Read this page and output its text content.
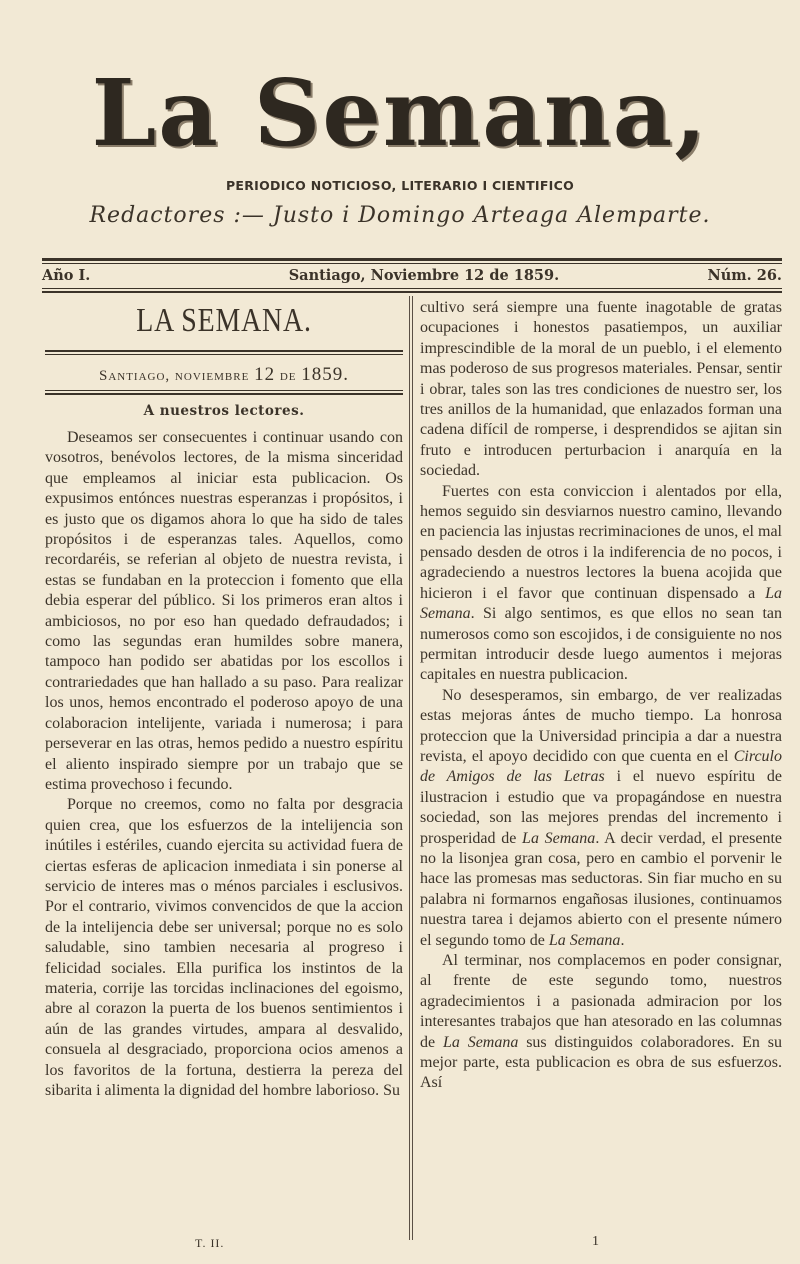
La Semana,
PERIODICO NOTICIOSO, LITERARIO I CIENTIFICO
Redactores :— Justo i Domingo Arteaga Alemparte.
Año I.	Santiago, Noviembre 12 de 1859.	Núm. 26.
LA SEMANA.
Santiago, noviembre 12 de 1859.
A nuestros lectores.

Deseamos ser consecuentes i continuar usando con vosotros, benévolos lectores, de la misma sinceridad que empleamos al iniciar esta publicacion. Os expusimos entónces nuestras esperanzas i propósitos, i es justo que os digamos ahora lo que ha sido de tales propósitos i de esperanzas tales. Aquellos, como recordaréis, se referian al objeto de nuestra revista, i estas se fundaban en la proteccion i fomento que ella debia esperar del público. Si los primeros eran altos i ambiciosos, no por eso han quedado defraudados; i como las segundas eran humildes sobre manera, tampoco han podido ser abatidas por los escollos i contrariedades que han hallado a su paso. Para realizar los unos, hemos encontrado el poderoso apoyo de una colaboracion intelijente, variada i numerosa; i para perseverar en las otras, hemos pedido a nuestro espíritu el aliento inspirado siempre por un trabajo que se estima provechoso i fecundo.

Porque no creemos, como no falta por desgracia quien crea, que los esfuerzos de la intelijencia son inútiles i estériles, cuando ejercita su actividad fuera de ciertas esferas de aplicacion inmediata i sin ponerse al servicio de interes mas o ménos parciales i esclusivos. Por el contrario, vivimos convencidos de que la accion de la intelijencia debe ser universal; porque no es solo saludable, sino tambien necesaria al progreso i felicidad sociales. Ella purifica los instintos de la materia, corrije las torcidas inclinaciones del egoismo, abre al corazon la puerta de los buenos sentimientos i aún de las grandes virtudes, ampara al desvalido, consuela al desgraciado, proporciona ocios amenos a los favoritos de la fortuna, destierra la pereza del sibarita i alimenta la dignidad del hombre laborioso. Su

cultivo será siempre una fuente inagotable de gratas ocupaciones i honestos pasatiempos, un auxiliar imprescindible de la moral de un pueblo, i el elemento mas poderoso de sus progresos materiales. Pensar, sentir i obrar, tales son las tres condiciones de nuestro ser, los tres anillos de la humanidad, que enlazados forman una cadena difícil de romperse, i desprendidos se ajitan sin fruto e introducen perturbacion i anarquía en la sociedad.

Fuertes con esta conviccion i alentados por ella, hemos seguido sin desviarnos nuestro camino, llevando en paciencia las injustas recriminaciones de unos, el mal pensado desden de otros i la indiferencia de no pocos, i agradeciendo a nuestros lectores la buena acojida que hicieron i el favor que continuan dispensado a La Semana. Si algo sentimos, es que ellos no sean tan numerosos como son escojidos, i de consiguiente no nos permitan introducir desde luego aumentos i mejoras capitales en nuestra publicacion.

No desesperamos, sin embargo, de ver realizadas estas mejoras ántes de mucho tiempo. La honrosa proteccion que la Universidad principia a dar a nuestra revista, el apoyo decidido con que cuenta en el Circulo de Amigos de las Letras i el nuevo espíritu de ilustracion i estudio que va propagándose en nuestra sociedad, son las mejores prendas del incremento i prosperidad de La Semana. A decir verdad, el presente no la lisonjea gran cosa, pero en cambio el porvenir le hace las promesas mas seductoras. Sin fiar mucho en su palabra ni formarnos engañosas ilusiones, continuamos nuestra tarea i dejamos abierto con el presente número el segundo tomo de La Semana.

Al terminar, nos complacemos en poder consignar, al frente de este segundo tomo, nuestros agradecimientos i a pasionada admiracion por los interesantes trabajos que han atesorado en las columnas de La Semana sus distinguidos colaboradores. En su mejor parte, esta publicacion es obra de sus esfuerzos. Así

T. II.	1
